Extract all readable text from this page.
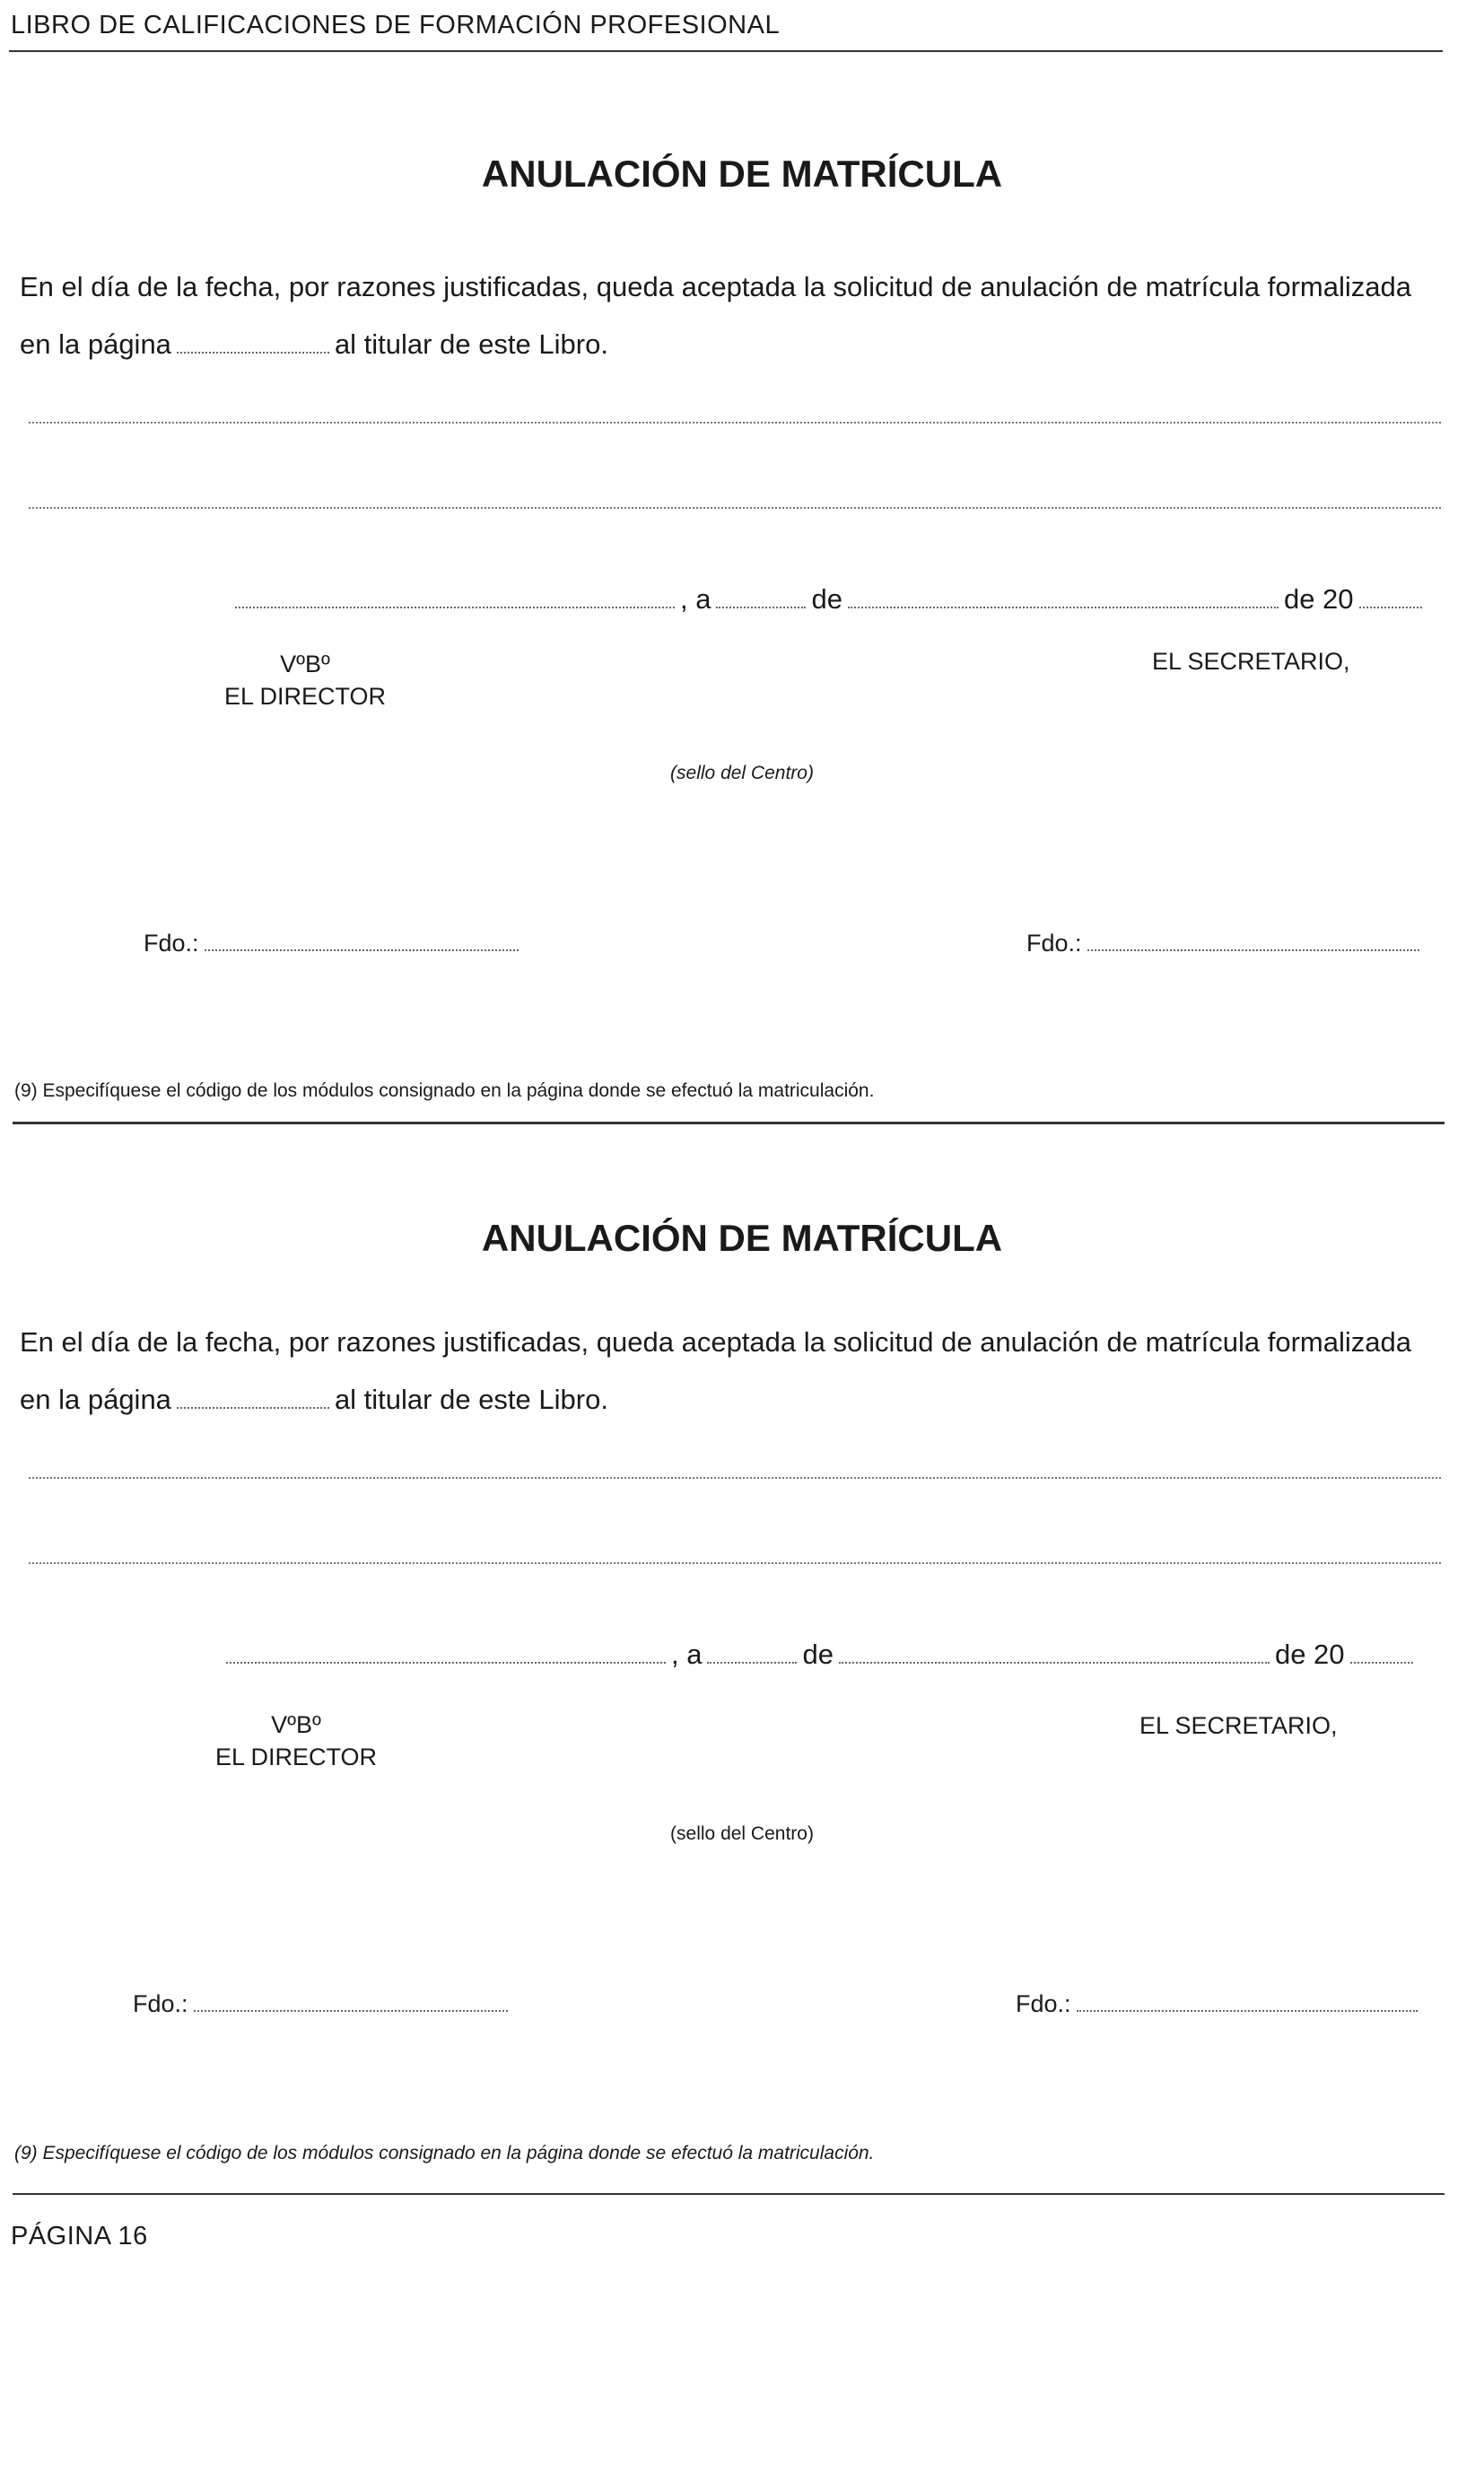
LIBRO DE CALIFICACIONES DE FORMACIÓN PROFESIONAL
ANULACIÓN DE MATRÍCULA
En el día de la fecha, por razones justificadas, queda aceptada la solicitud de anulación de matrícula formalizada
en la página	al titular de este Libro.
, a	de	de 20
VºBº
EL DIRECTOR
EL SECRETARIO,
(sello del Centro)
Fdo.:	Fdo.:
(9) Especifíquese el código de los módulos consignado en la página donde se efectuó la matriculación.
ANULACIÓN DE MATRÍCULA
En el día de la fecha, por razones justificadas, queda aceptada la solicitud de anulación de matrícula formalizada
en la página	al titular de este Libro.
, a	de	de 20
VºBº
EL DIRECTOR
EL SECRETARIO,
(sello del Centro)
Fdo.:	Fdo.:
(9) Especifíquese el código de los módulos consignado en la página donde se efectuó la matriculación.
PÁGINA 16
